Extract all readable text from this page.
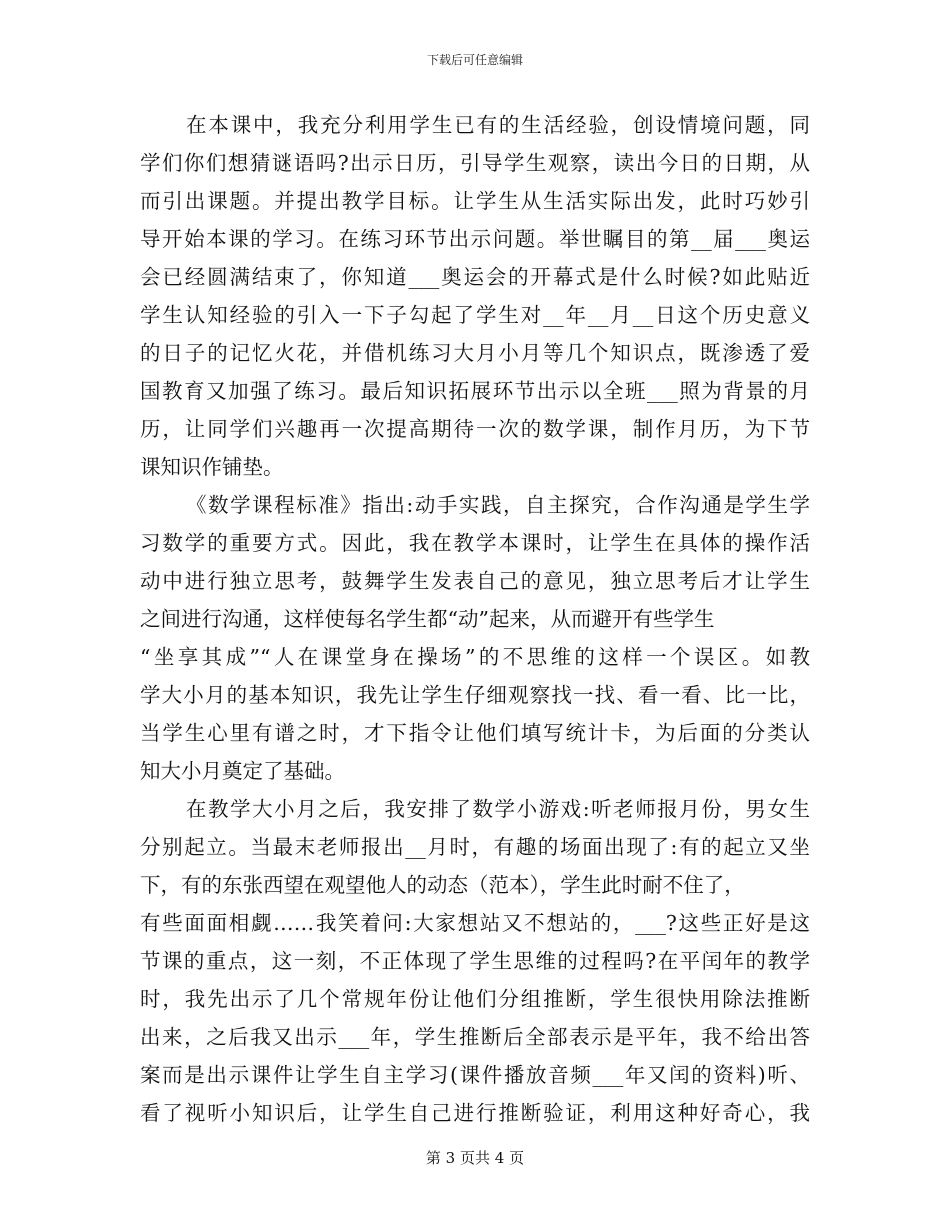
下载后可任意编辑
在本课中，我充分利用学生已有的生活经验，创设情境问题，同
学们你们想猜谜语吗?出示日历，引导学生观察，读出今日的日期，从
而引出课题。并提出教学目标。让学生从生活实际出发，此时巧妙引
导开始本课的学习。在练习环节出示问题。举世瞩目的第__届___奥运
会已经圆满结束了，你知道___奥运会的开幕式是什么时候?如此贴近
学生认知经验的引入一下子勾起了学生对__年__月__日这个历史意义
的日子的记忆火花，并借机练习大月小月等几个知识点，既渗透了爱
国教育又加强了练习。最后知识拓展环节出示以全班___照为背景的月
历，让同学们兴趣再一次提高期待一次的数学课，制作月历，为下节
课知识作铺垫。
《数学课程标准》指出:动手实践，自主探究，合作沟通是学生学
习数学的重要方式。因此，我在教学本课时，让学生在具体的操作活
动中进行独立思考，鼓舞学生发表自己的意见，独立思考后才让学生
之间进行沟通，这样使每名学生都“动”起来，从而避开有些学生
“坐享其成”“人在课堂身在操场”的不思维的这样一个误区。如教
学大小月的基本知识，我先让学生仔细观察找一找、看一看、比一比，
当学生心里有谱之时，才下指令让他们填写统计卡，为后面的分类认
知大小月奠定了基础。
在教学大小月之后，我安排了数学小游戏:听老师报月份，男女生
分别起立。当最末老师报出__月时，有趣的场面出现了:有的起立又坐
下，有的东张西望在观望他人的动态（范本），学生此时耐不住了，
有些面面相觑……我笑着问:大家想站又不想站的，___?这些正好是这
节课的重点，这一刻，不正体现了学生思维的过程吗?在平闰年的教学
时，我先出示了几个常规年份让他们分组推断，学生很快用除法推断
出来，之后我又出示___年，学生推断后全部表示是平年，我不给出答
案而是出示课件让学生自主学习(课件播放音频___年又闰的资料)听、
看了视听小知识后，让学生自己进行推断验证，利用这种好奇心，我
第 3 页共 4 页
